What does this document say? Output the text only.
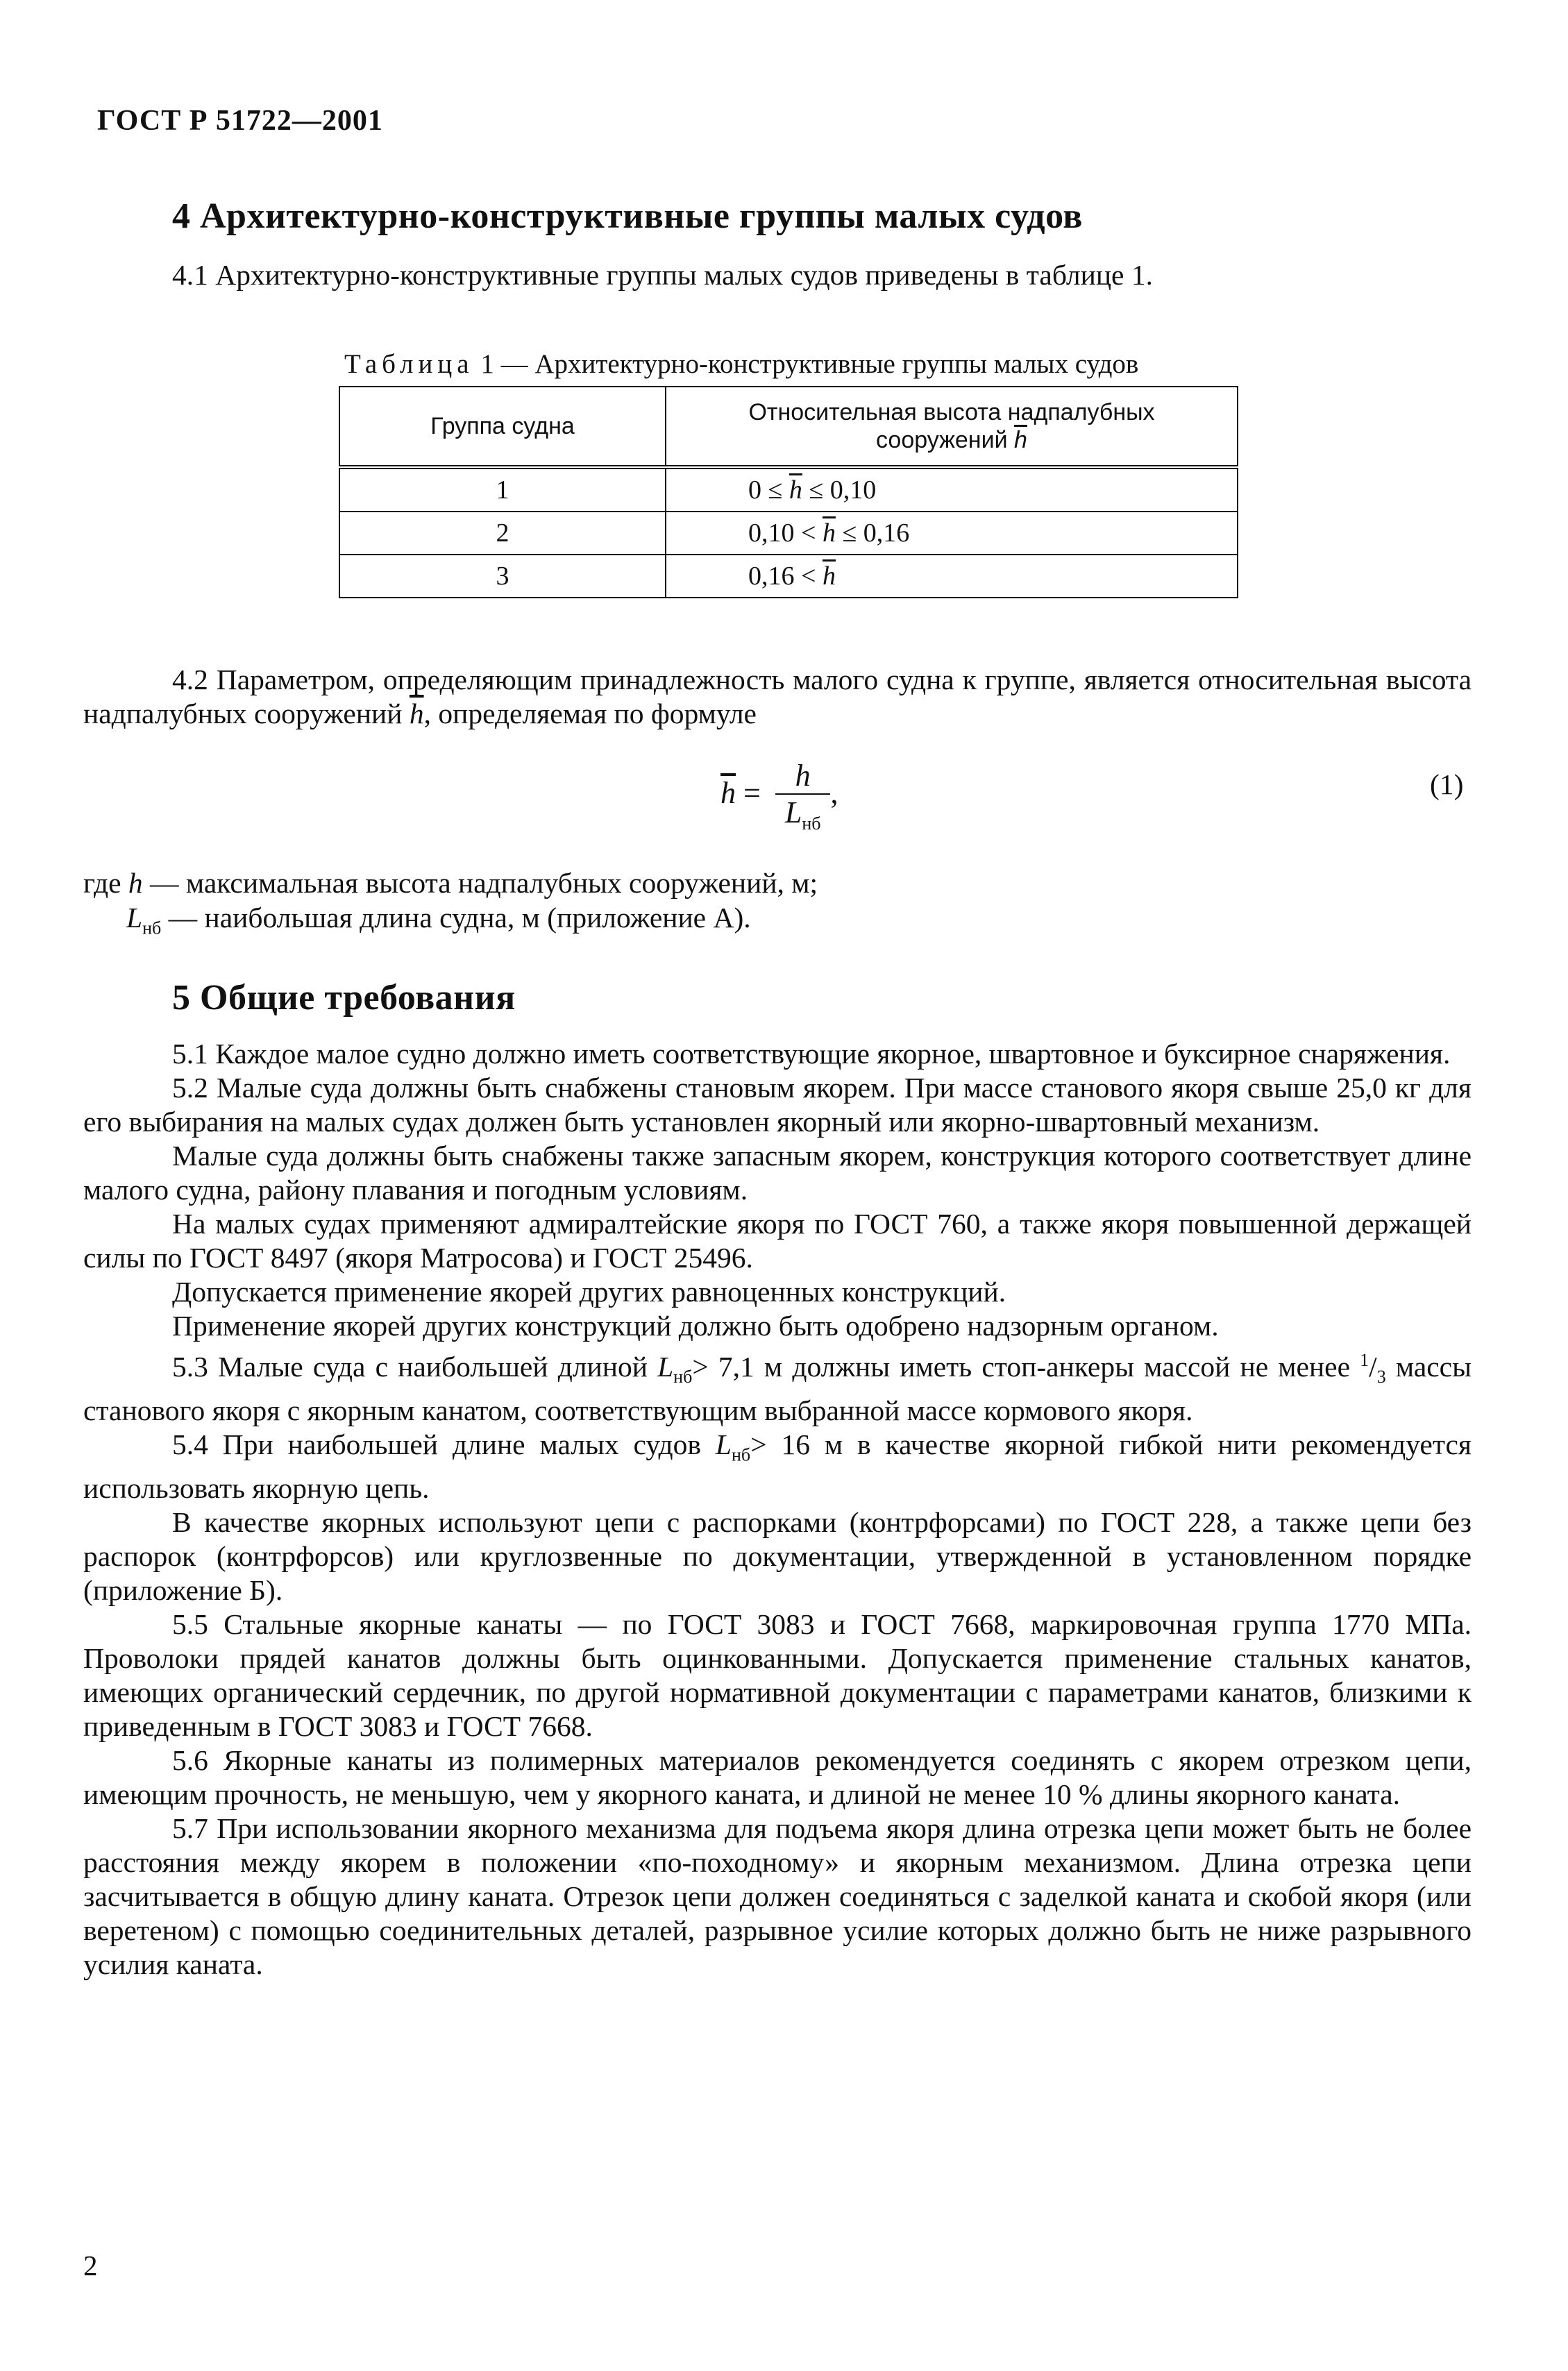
ГОСТ Р 51722—2001
4 Архитектурно-конструктивные группы малых судов

4.1 Архитектурно-конструктивные группы малых судов приведены в таблице 1.

Таблица 1 — Архитектурно-конструктивные группы малых судов
Группа судна	Относительная высота надпалубных
сооружений $\overline{h}$
1	$0 \le \overline{h} \le 0,10$
2	$0,10 < \overline{h} \le 0,16$
3	$0,16 < \overline{h}$

4.2 Параметром, определяющим принадлежность малого судна к группе, является относительная высота надпалубных сооружений $\overline{h}$, определяемая по формуле

$\overline{h} = \frac{h}{L_{нб}}$ ,	(1)
где h — максимальная высота надпалубных сооружений, м;
$L_{нб}$ — наибольшая длина судна, м (приложение А).
5 Общие требования

5.1 Каждое малое судно должно иметь соответствующие якорное, швартовное и буксирное снаряжения.

5.2 Малые суда должны быть снабжены становым якорем. При массе станового якоря свыше 25,0 кг для его выбирания на малых судах должен быть установлен якорный или якорно-швартовный механизм.

Малые суда должны быть снабжены также запасным якорем, конструкция которого соответствует длине малого судна, району плавания и погодным условиям.

На малых судах применяют адмиралтейские якоря по ГОСТ 760, а также якоря повышенной держащей силы по ГОСТ 8497 (якоря Матросова) и ГОСТ 25496.

Допускается применение якорей других равноценных конструкций.

Применение якорей других конструкций должно быть одобрено надзорным органом.

5.3 Малые суда с наибольшей длиной $L_{нб}> 7,1$ м должны иметь стоп-анкеры массой не менее $^1/_3$ массы станового якоря с якорным канатом, соответствующим выбранной массе кормового якоря.

5.4 При наибольшей длине малых судов $L_{нб}> 16$ м в качестве якорной гибкой нити рекомендуется использовать якорную цепь.

В качестве якорных используют цепи с распорками (контрфорсами) по ГОСТ 228, а также цепи без распорок (контрфорсов) или круглозвенные по документации, утвержденной в установленном порядке (приложение Б).

5.5 Стальные якорные канаты — по ГОСТ 3083 и ГОСТ 7668, маркировочная группа 1770 МПа. Проволоки прядей канатов должны быть оцинкованными. Допускается применение стальных канатов, имеющих органический сердечник, по другой нормативной документации с параметрами канатов, близкими к приведенным в ГОСТ 3083 и ГОСТ 7668.

5.6 Якорные канаты из полимерных материалов рекомендуется соединять с якорем отрезком цепи, имеющим прочность, не меньшую, чем у якорного каната, и длиной не менее 10 % длины якорного каната.

5.7 При использовании якорного механизма для подъема якоря длина отрезка цепи может быть не более расстояния между якорем в положении «по-походному» и якорным механизмом. Длина отрезка цепи засчитывается в общую длину каната. Отрезок цепи должен соединяться с заделкой каната и скобой якоря (или веретеном) с помощью соединительных деталей, разрывное усилие которых должно быть не ниже разрывного усилия каната.

2
